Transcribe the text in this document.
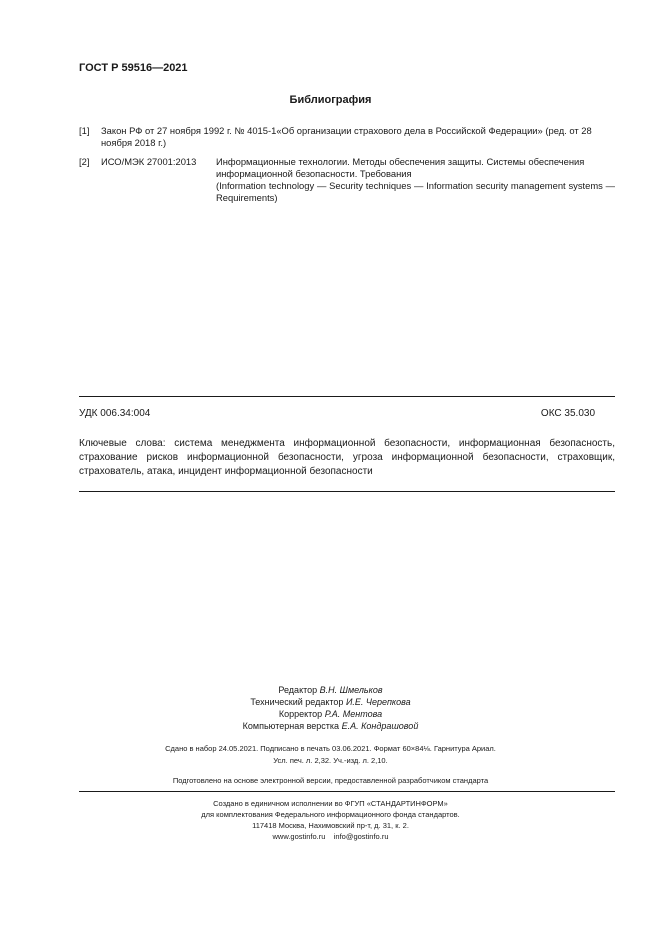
ГОСТ Р 59516—2021
Библиография
[1] Закон РФ от 27 ноября 1992 г. № 4015-1«Об организации страхового дела в Российской Федерации» (ред. от 28 ноября 2018 г.)
[2] ИСО/МЭК 27001:2013 Информационные технологии. Методы обеспечения защиты. Системы обеспечения информационной безопасности. Требования
(Information technology — Security techniques — Information security management systems — Requirements)
УДК 006.34:004	ОКС 35.030
Ключевые слова: система менеджмента информационной безопасности, информационная безопасность, страхование рисков информационной безопасности, угроза информационной безопасности, страховщик, страхователь, атака, инцидент информационной безопасности
Редактор В.Н. Шмельков
Технический редактор И.Е. Черепкова
Корректор Р.А. Ментова
Компьютерная верстка Е.А. Кондрашовой
Сдано в набор 24.05.2021. Подписано в печать 03.06.2021. Формат 60×84⅛. Гарнитура Ариал.
Усл. печ. л. 2,32. Уч.-изд. л. 2,10.
Подготовлено на основе электронной версии, предоставленной разработчиком стандарта
Создано в единичном исполнении во ФГУП «СТАНДАРТИНФОРМ»
для комплектования Федерального информационного фонда стандартов.
117418 Москва, Нахимовский пр-т, д. 31, к. 2.
www.gostinfo.ru    info@gostinfo.ru
